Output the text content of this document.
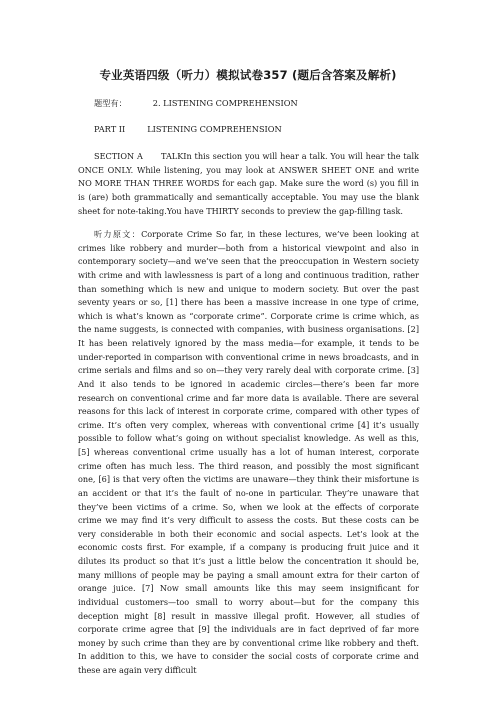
专业英语四级（听力）模拟试卷357 (题后含答案及解析)
题型有：	2. LISTENING COMPREHENSION
PART II	LISTENING COMPREHENSION

SECTION A TALKIn this section you will hear a talk. You will hear the talk ONCE ONLY. While listening, you may look at ANSWER SHEET ONE and write NO MORE THAN THREE WORDS for each gap. Make sure the word (s) you fill in is (are) both grammatically and semantically acceptable. You may use the blank sheet for note-taking.You have THIRTY seconds to preview the gap-filling task.

听力原文：Corporate Crime So far, in these lectures, we’ve been looking at crimes like robbery and murder—both from a historical viewpoint and also in contemporary society—and we’ve seen that the preoccupation in Western society with crime and with lawlessness is part of a long and continuous tradition, rather than something which is new and unique to modern society. But over the past seventy years or so, [1] there has been a massive increase in one type of crime, which is what’s known as “corporate crime”. Corporate crime is crime which, as the name suggests, is connected with companies, with business organisations. [2] It has been relatively ignored by the mass media—for example, it tends to be under-reported in comparison with conventional crime in news broadcasts, and in crime serials and films and so on—they very rarely deal with corporate crime. [3] And it also tends to be ignored in academic circles—there’s been far more research on conventional crime and far more data is available. There are several reasons for this lack of interest in corporate crime, compared with other types of crime. It’s often very complex, whereas with conventional crime [4] it’s usually possible to follow what’s going on without specialist knowledge. As well as this, [5] whereas conventional crime usually has a lot of human interest, corporate crime often has much less. The third reason, and possibly the most significant one, [6] is that very often the victims are unaware—they think their misfortune is an accident or that it’s the fault of no-one in particular. They’re unaware that they’ve been victims of a crime. So, when we look at the effects of corporate crime we may find it’s very difficult to assess the costs. But these costs can be very considerable in both their economic and social aspects. Let’s look at the economic costs first. For example, if a company is producing fruit juice and it dilutes its product so that it’s just a little below the concentration it should be, many millions of people may be paying a small amount extra for their carton of orange juice. [7] Now small amounts like this may seem insignificant for individual customers—too small to worry about—but for the company this deception might [8] result in massive illegal profit. However, all studies of corporate crime agree that [9] the individuals are in fact deprived of far more money by such crime than they are by conventional crime like robbery and theft. In addition to this, we have to consider the social costs of corporate crime and these are again very difficult
